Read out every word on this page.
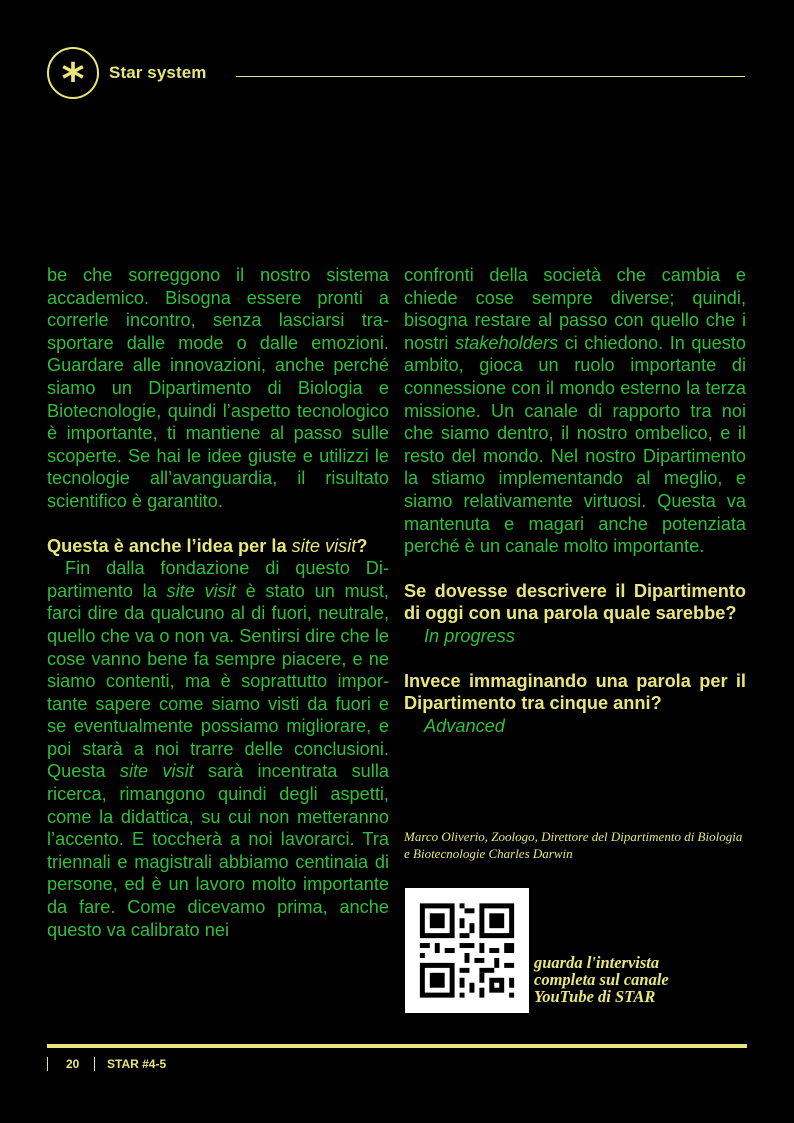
* Star system

be che sorreggono il nostro sistema accademico. Bisogna essere pronti a correrle incontro, senza lasciarsi trasportare dalle mode o dalle emozioni. Guardare alle innovazioni, anche perché siamo un Dipartimento di Biologia e Biotecnologie, quindi l’aspetto tecnologico è importante, ti mantiene al passo sulle scoperte. Se hai le idee giuste e utilizzi le tecnologie all’avanguardia, il risultato scientifico è garantito.

Questa è anche l’idea per la site visit?

Fin dalla fondazione di questo Dipartimento la site visit è stato un must, farci dire da qualcuno al di fuori, neutrale, quello che va o non va. Sentirsi dire che le cose vanno bene fa sempre piacere, e ne siamo contenti, ma è soprattutto importante sapere come siamo visti da fuori e se eventualmente possiamo migliorare, e poi starà a noi trarre delle conclusioni. Questa site visit sarà incentrata sulla ricerca, rimangono quindi degli aspetti, come la didattica, su cui non metteranno l’accento. E toccherà a noi lavorarci. Tra triennali e magistrali abbiamo centinaia di persone, ed è un lavoro molto importante da fare. Come dicevamo prima, anche questo va calibrato nei

confronti della società che cambia e chiede cose sempre diverse; quindi, bisogna restare al passo con quello che i nostri stakeholders ci chiedono. In questo ambito, gioca un ruolo importante di connessione con il mondo esterno la terza missione. Un canale di rapporto tra noi che siamo dentro, il nostro ombelico, e il resto del mondo. Nel nostro Dipartimento la stiamo implementando al meglio, e siamo relativamente virtuosi. Questa va mantenuta e magari anche potenziata perché è un canale molto importante.

Se dovesse descrivere il Dipartimento di oggi con una parola quale sarebbe?

In progress

Invece immaginando una parola per il Dipartimento tra cinque anni?

Advanced

Marco Oliverio, Zoologo, Direttore del Dipartimento di Biologia e Biotecnologie Charles Darwin
guarda l'intervista
completa sul canale
YouTube di STAR
20 STAR #4-5
